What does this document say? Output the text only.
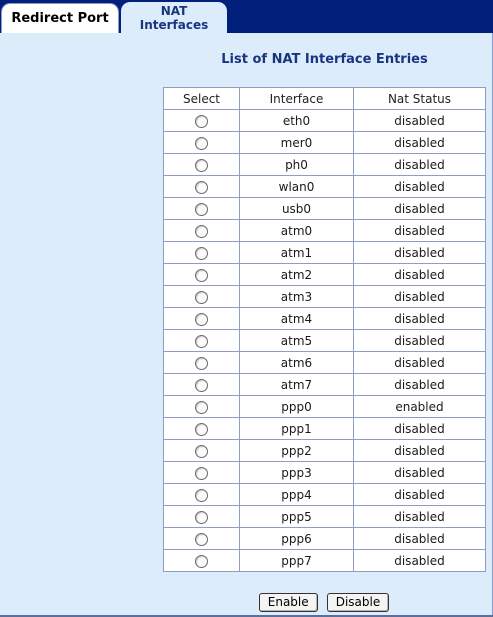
Redirect Port	NAT
Interfaces
List of NAT Interface Entries
Select	Interface	Nat Status
	eth0	disabled
	mer0	disabled
	ph0	disabled
	wlan0	disabled
	usb0	disabled
	atm0	disabled
	atm1	disabled
	atm2	disabled
	atm3	disabled
	atm4	disabled
	atm5	disabled
	atm6	disabled
	atm7	disabled
	ppp0	enabled
	ppp1	disabled
	ppp2	disabled
	ppp3	disabled
	ppp4	disabled
	ppp5	disabled
	ppp6	disabled
	ppp7	disabled
Enable Disable
